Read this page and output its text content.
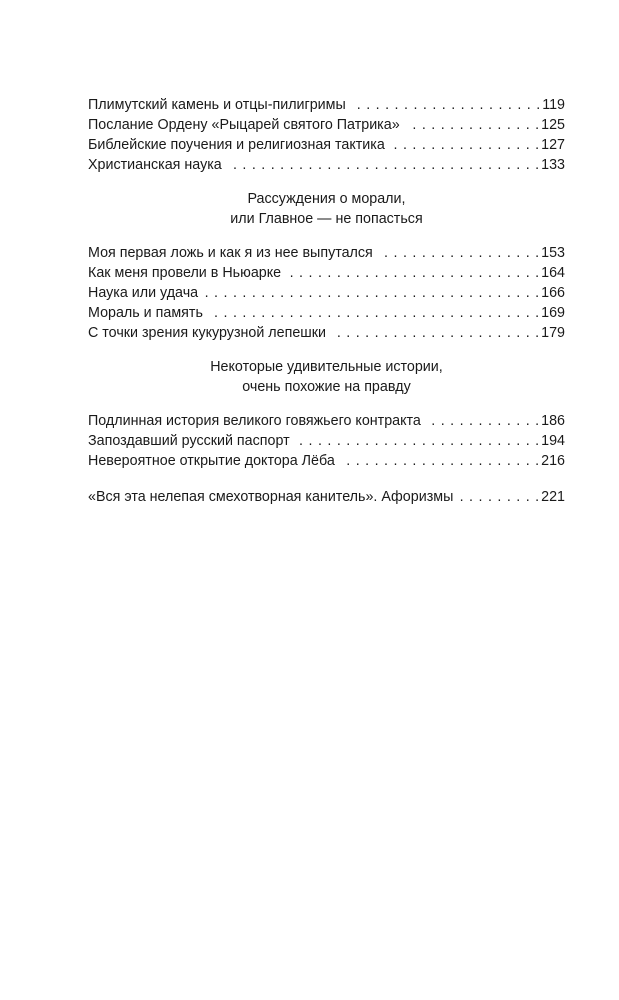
Плимутский камень и отцы-пилигримы . . .	119
Послание Ордену «Рыцарей святого Патрика» . . .	125
Библейские поучения и религиозная тактика . . .	127
Христианская наука . . .	133
Рассуждения о морали,
или Главное — не попасться
Моя первая ложь и как я из нее выпутался . . .	153
Как меня провели в Ньюарке . . .	164
Наука или удача . . .	166
Мораль и память . . .	169
С точки зрения кукурузной лепешки . . .	179
Некоторые удивительные истории,
очень похожие на правду
Подлинная история великого говяжьего контракта . . .	186
Запоздавший русский паспорт . . .	194
Невероятное открытие доктора Лёба . . .	216
«Вся эта нелепая смехотворная канитель». Афоризмы . . .	221
